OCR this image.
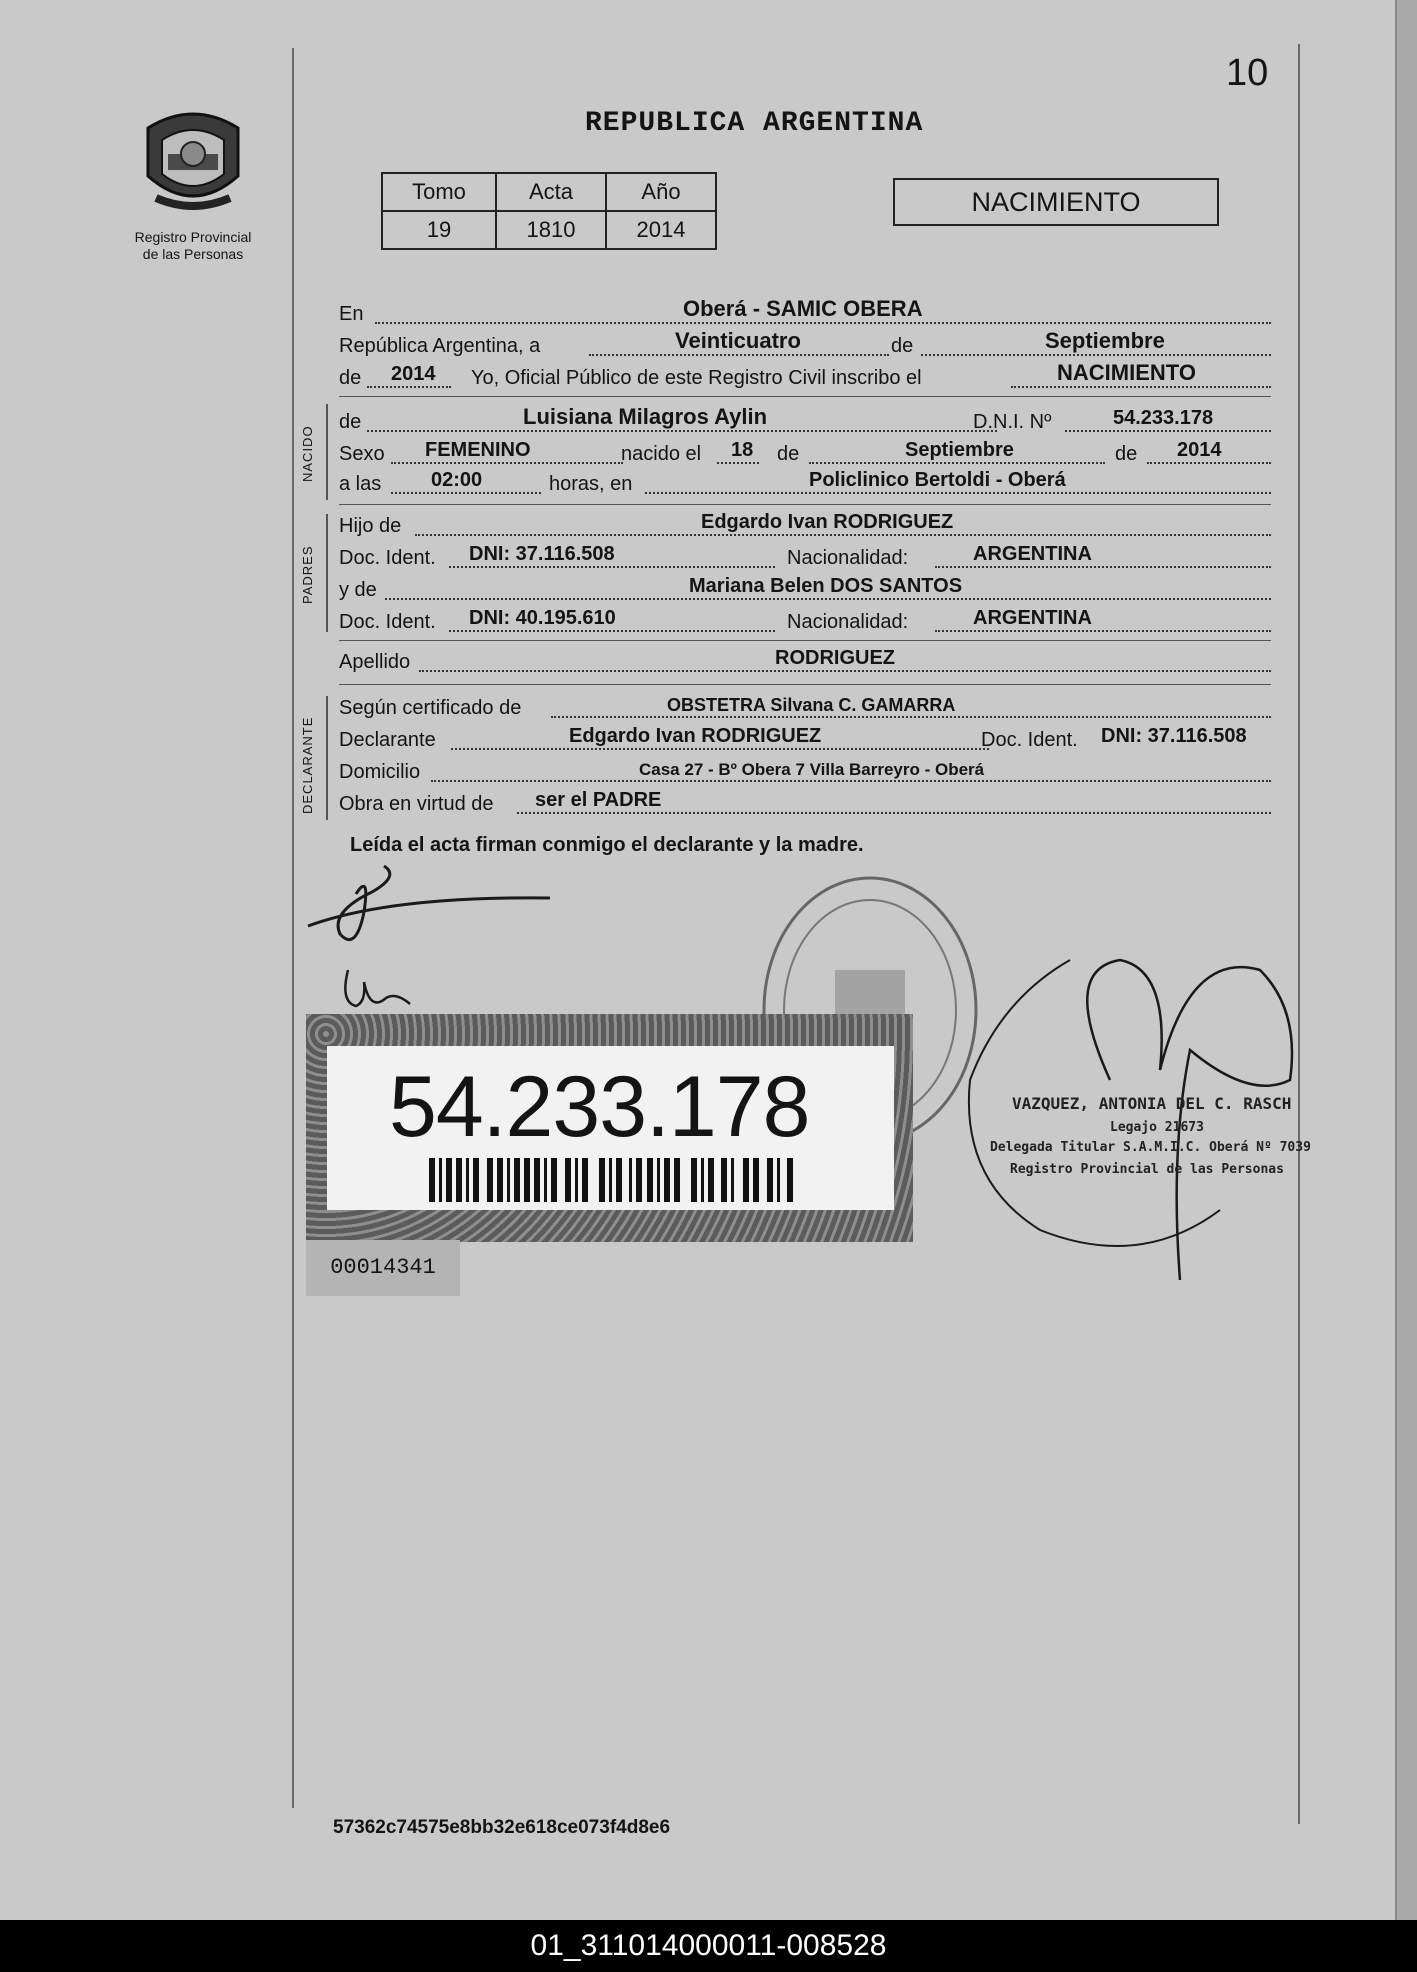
10
Registro Provincial
de las Personas
REPUBLICA ARGENTINA
Tomo	Acta	Año
19	1810	2014
NACIMIENTO
En	Oberá - SAMIC OBERA
República Argentina, a	Veinticuatro	de	Septiembre
de 2014 Yo, Oficial Público de este Registro Civil inscribo el	NACIMIENTO
NACIDO
de	Luisiana Milagros Aylin	D.N.I. Nº	54.233.178
Sexo FEMENINO	nacido el 18 de	Septiembre	de 2014
a las 02:00	horas, en	Policlinico Bertoldi - Oberá
PADRES
Hijo de	Edgardo Ivan RODRIGUEZ
Doc. Ident. DNI: 37.116.508	Nacionalidad:	ARGENTINA
y de	Mariana Belen DOS SANTOS
Doc. Ident. DNI: 40.195.610	Nacionalidad:	ARGENTINA
Apellido	RODRIGUEZ
DECLARANTE
Según certificado de	OBSTETRA Silvana C. GAMARRA
Declarante	Edgardo Ivan RODRIGUEZ	Doc. Ident. DNI: 37.116.508
Domicilio	Casa 27 - Bº Obera 7 Villa Barreyro - Oberá
Obra en virtud de ser el PADRE
Leída el acta firman conmigo el declarante y la madre.
VAZQUEZ, ANTONIA DEL C. RASCH
Legajo 21673
Delegada Titular S.A.M.I.C. Oberá Nº 7039
Registro Provincial de las Personas
54.233.178
00014341
57362c74575e8bb32e618ce073f4d8e6
01_311014000011-008528
